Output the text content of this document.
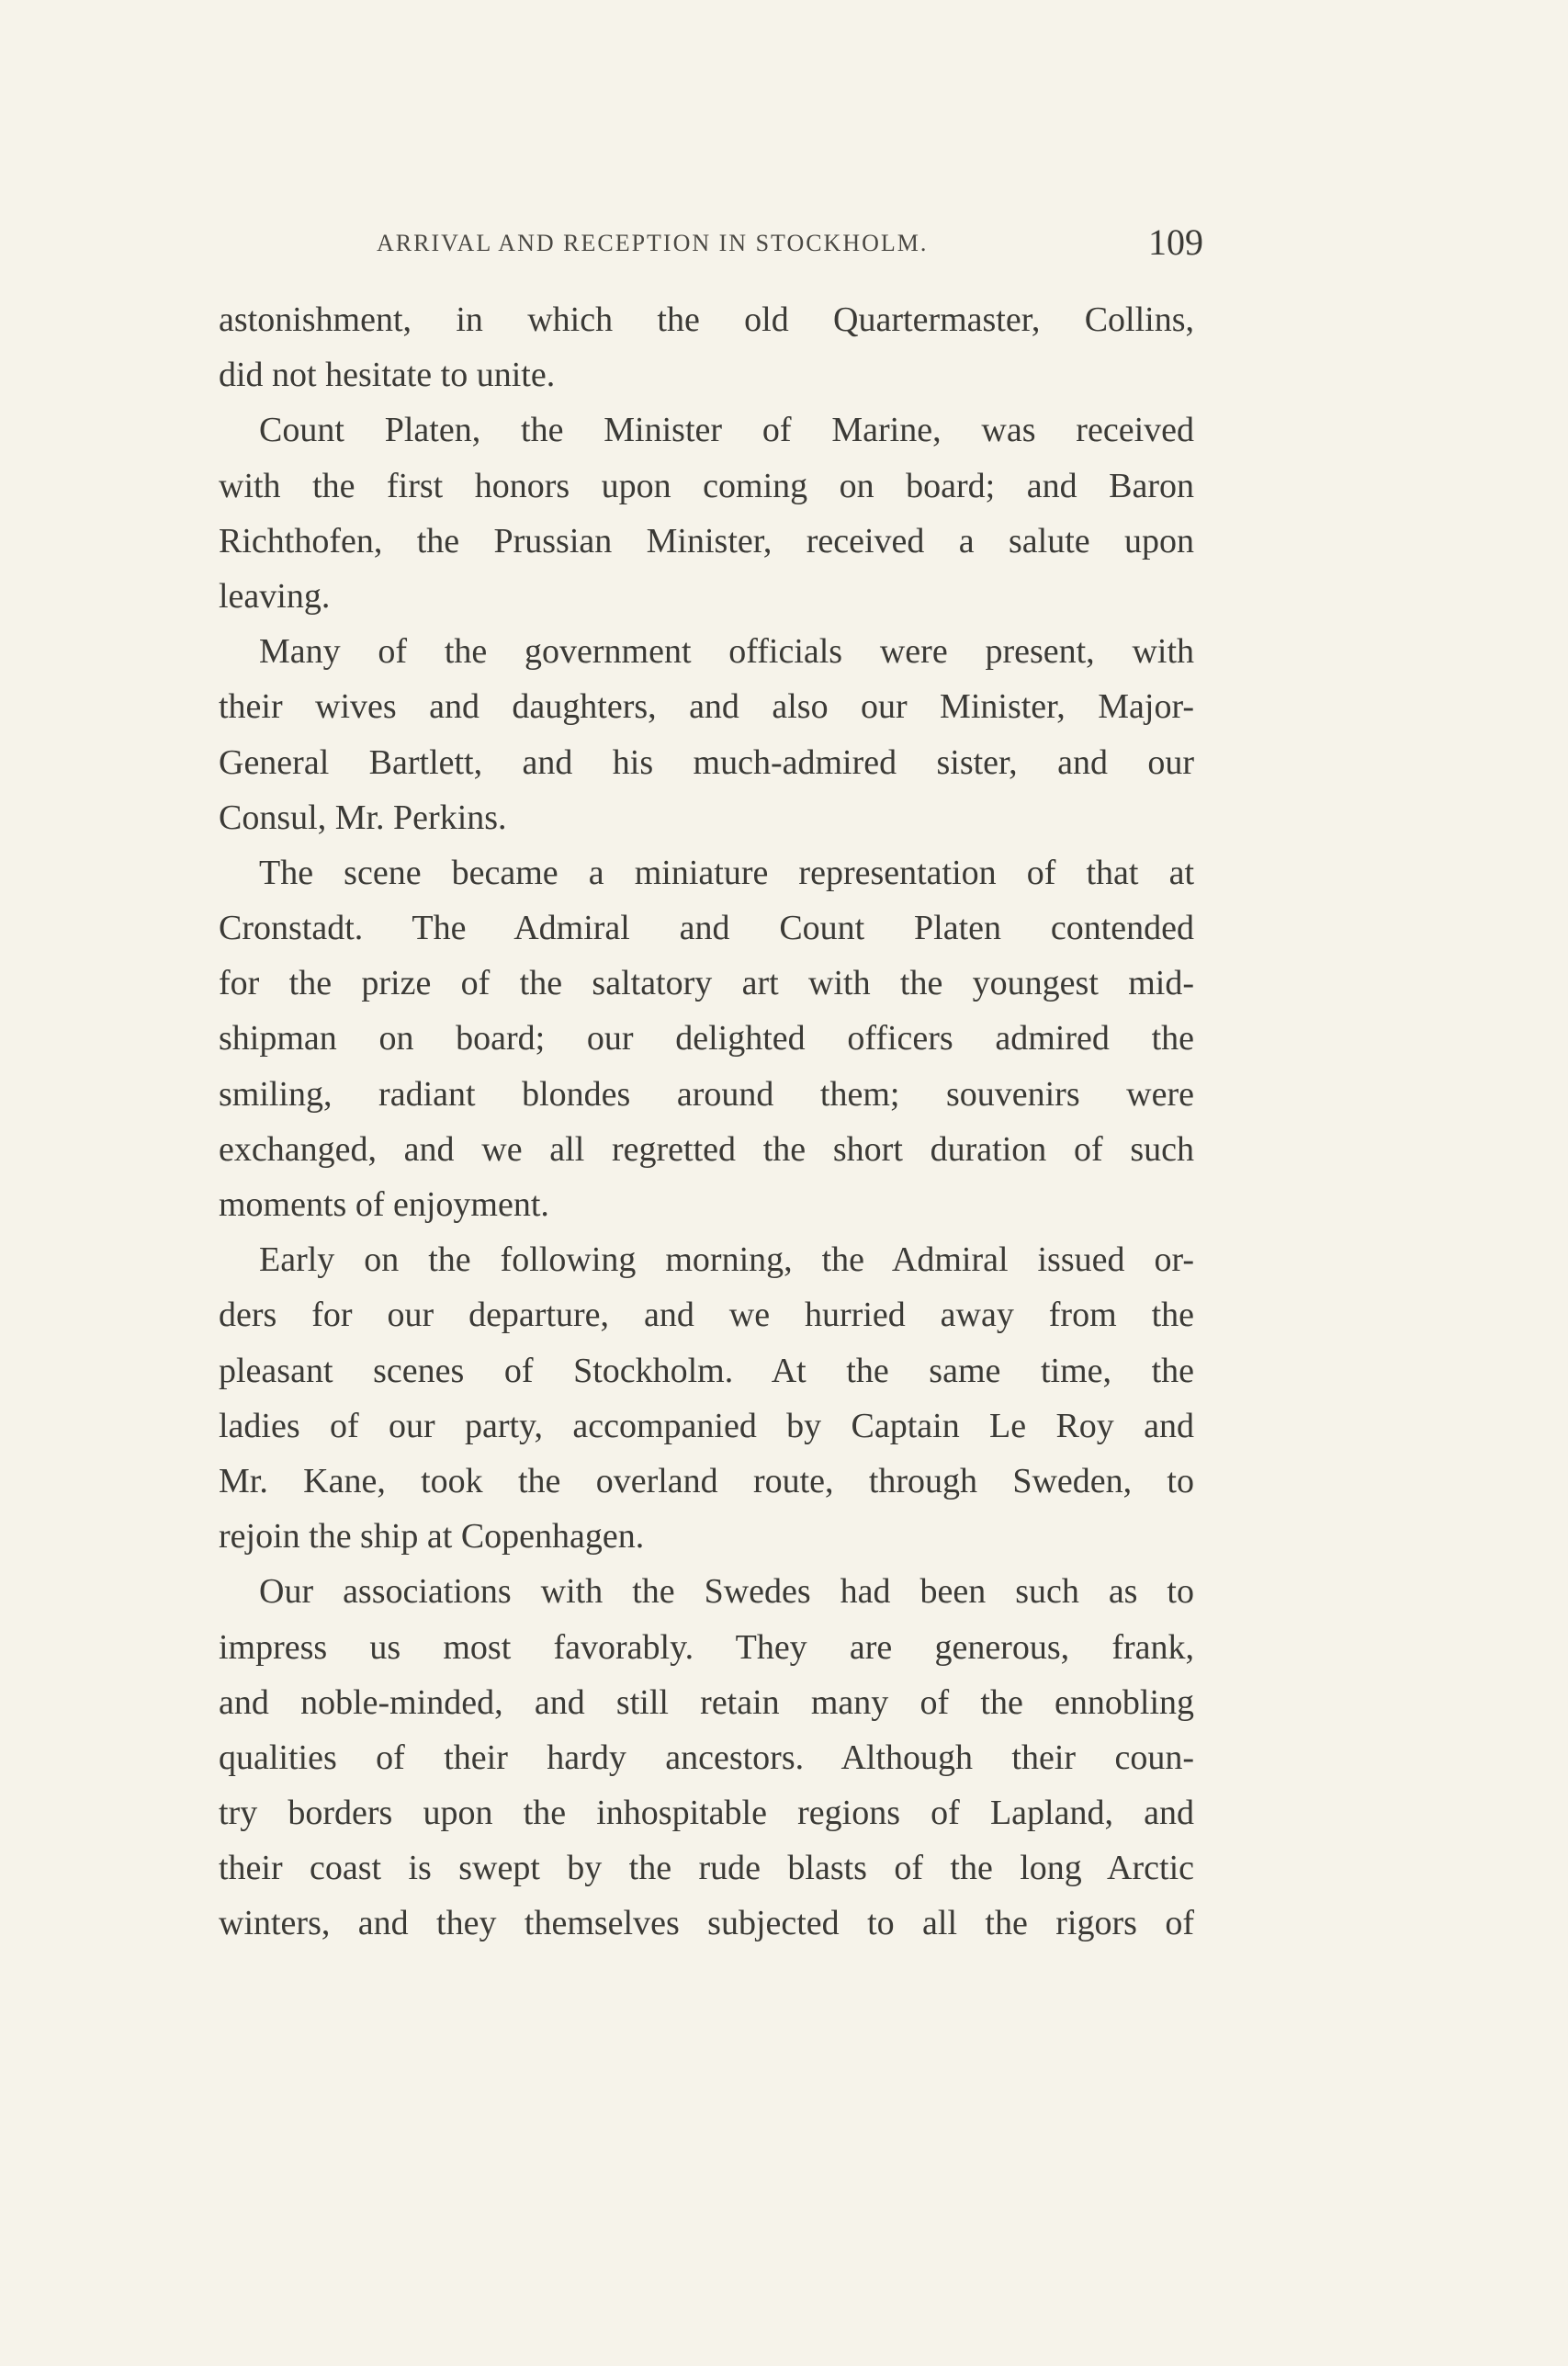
ARRIVAL AND RECEPTION IN STOCKHOLM.	109
astonishment, in which the old Quartermaster, Collins,
did not hesitate to unite.
Count Platen, the Minister of Marine, was received
with the first honors upon coming on board; and Baron
Richthofen, the Prussian Minister, received a salute upon
leaving.
Many of the government officials were present, with
their wives and daughters, and also our Minister, Major-
General Bartlett, and his much-admired sister, and our
Consul, Mr. Perkins.
The scene became a miniature representation of that at
Cronstadt. The Admiral and Count Platen contended
for the prize of the saltatory art with the youngest mid-
shipman on board; our delighted officers admired the
smiling, radiant blondes around them; souvenirs were
exchanged, and we all regretted the short duration of such
moments of enjoyment.
Early on the following morning, the Admiral issued or-
ders for our departure, and we hurried away from the
pleasant scenes of Stockholm. At the same time, the
ladies of our party, accompanied by Captain Le Roy and
Mr. Kane, took the overland route, through Sweden, to
rejoin the ship at Copenhagen.
Our associations with the Swedes had been such as to
impress us most favorably. They are generous, frank,
and noble-minded, and still retain many of the ennobling
qualities of their hardy ancestors. Although their coun-
try borders upon the inhospitable regions of Lapland, and
their coast is swept by the rude blasts of the long Arctic
winters, and they themselves subjected to all the rigors of
